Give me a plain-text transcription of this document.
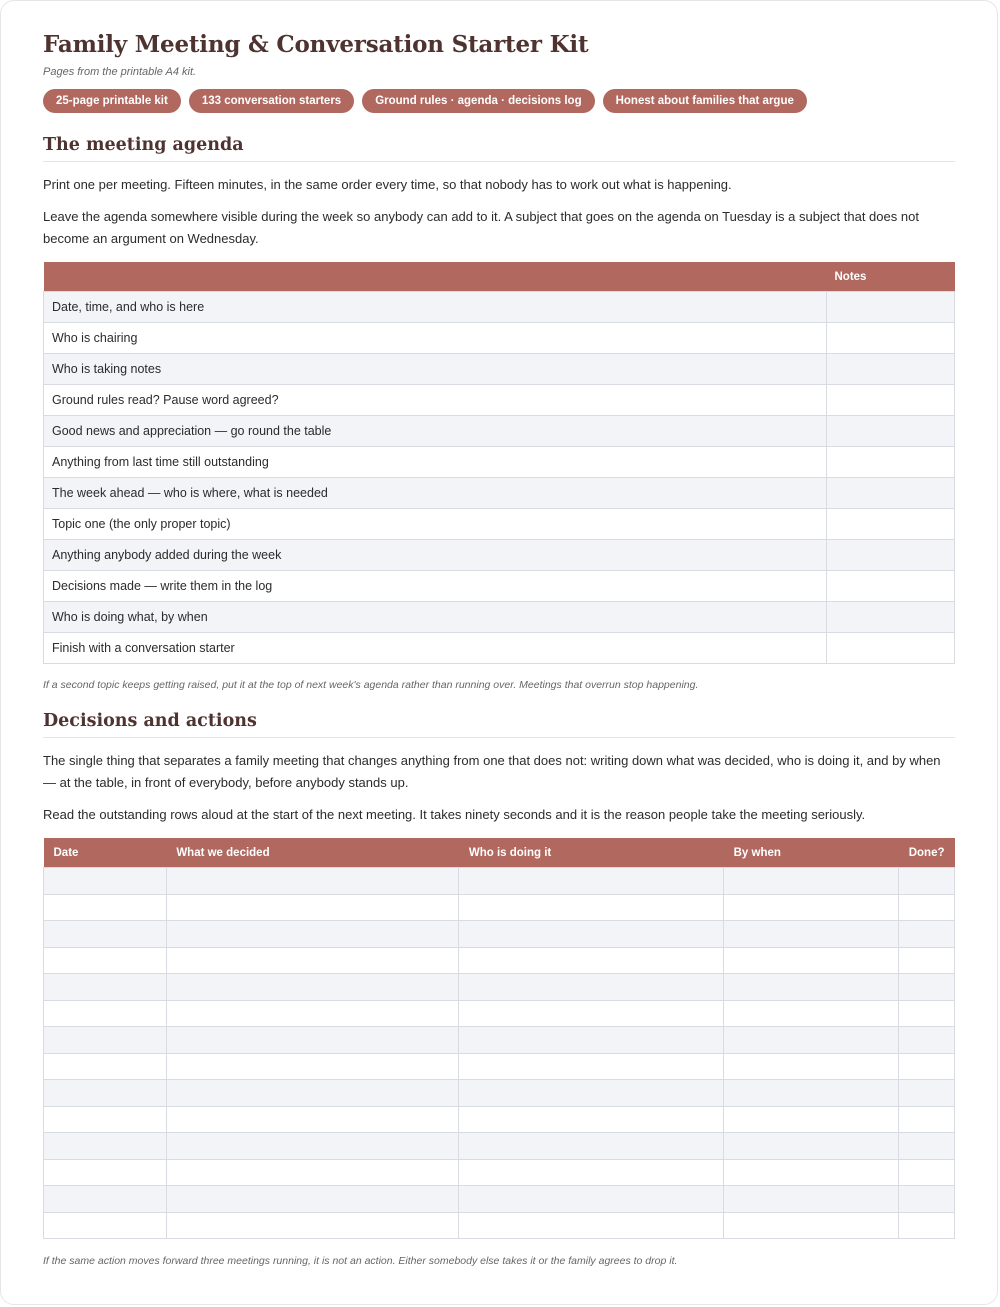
Family Meeting & Conversation Starter Kit
Pages from the printable A4 kit.
25-page printable kit	133 conversation starters	Ground rules · agenda · decisions log	Honest about families that argue
The meeting agenda

Print one per meeting. Fifteen minutes, in the same order every time, so that nobody has to work out what is happening.

Leave the agenda somewhere visible during the week so anybody can add to it. A subject that goes on the agenda on Tuesday is a subject that does not become an argument on Wednesday.

	Notes
Date, time, and who is here	
Who is chairing	
Who is taking notes	
Ground rules read? Pause word agreed?	
Good news and appreciation — go round the table	
Anything from last time still outstanding	
The week ahead — who is where, what is needed	
Topic one (the only proper topic)	
Anything anybody added during the week	
Decisions made — write them in the log	
Who is doing what, by when	
Finish with a conversation starter	
If a second topic keeps getting raised, put it at the top of next week's agenda rather than running over. Meetings that overrun stop happening.
Decisions and actions

The single thing that separates a family meeting that changes anything from one that does not: writing down what was decided, who is doing it, and by when — at the table, in front of everybody, before anybody stands up.

Read the outstanding rows aloud at the start of the next meeting. It takes ninety seconds and it is the reason people take the meeting seriously.

Date	What we decided	Who is doing it	By when	Done?

If the same action moves forward three meetings running, it is not an action. Either somebody else takes it or the family agrees to drop it.
